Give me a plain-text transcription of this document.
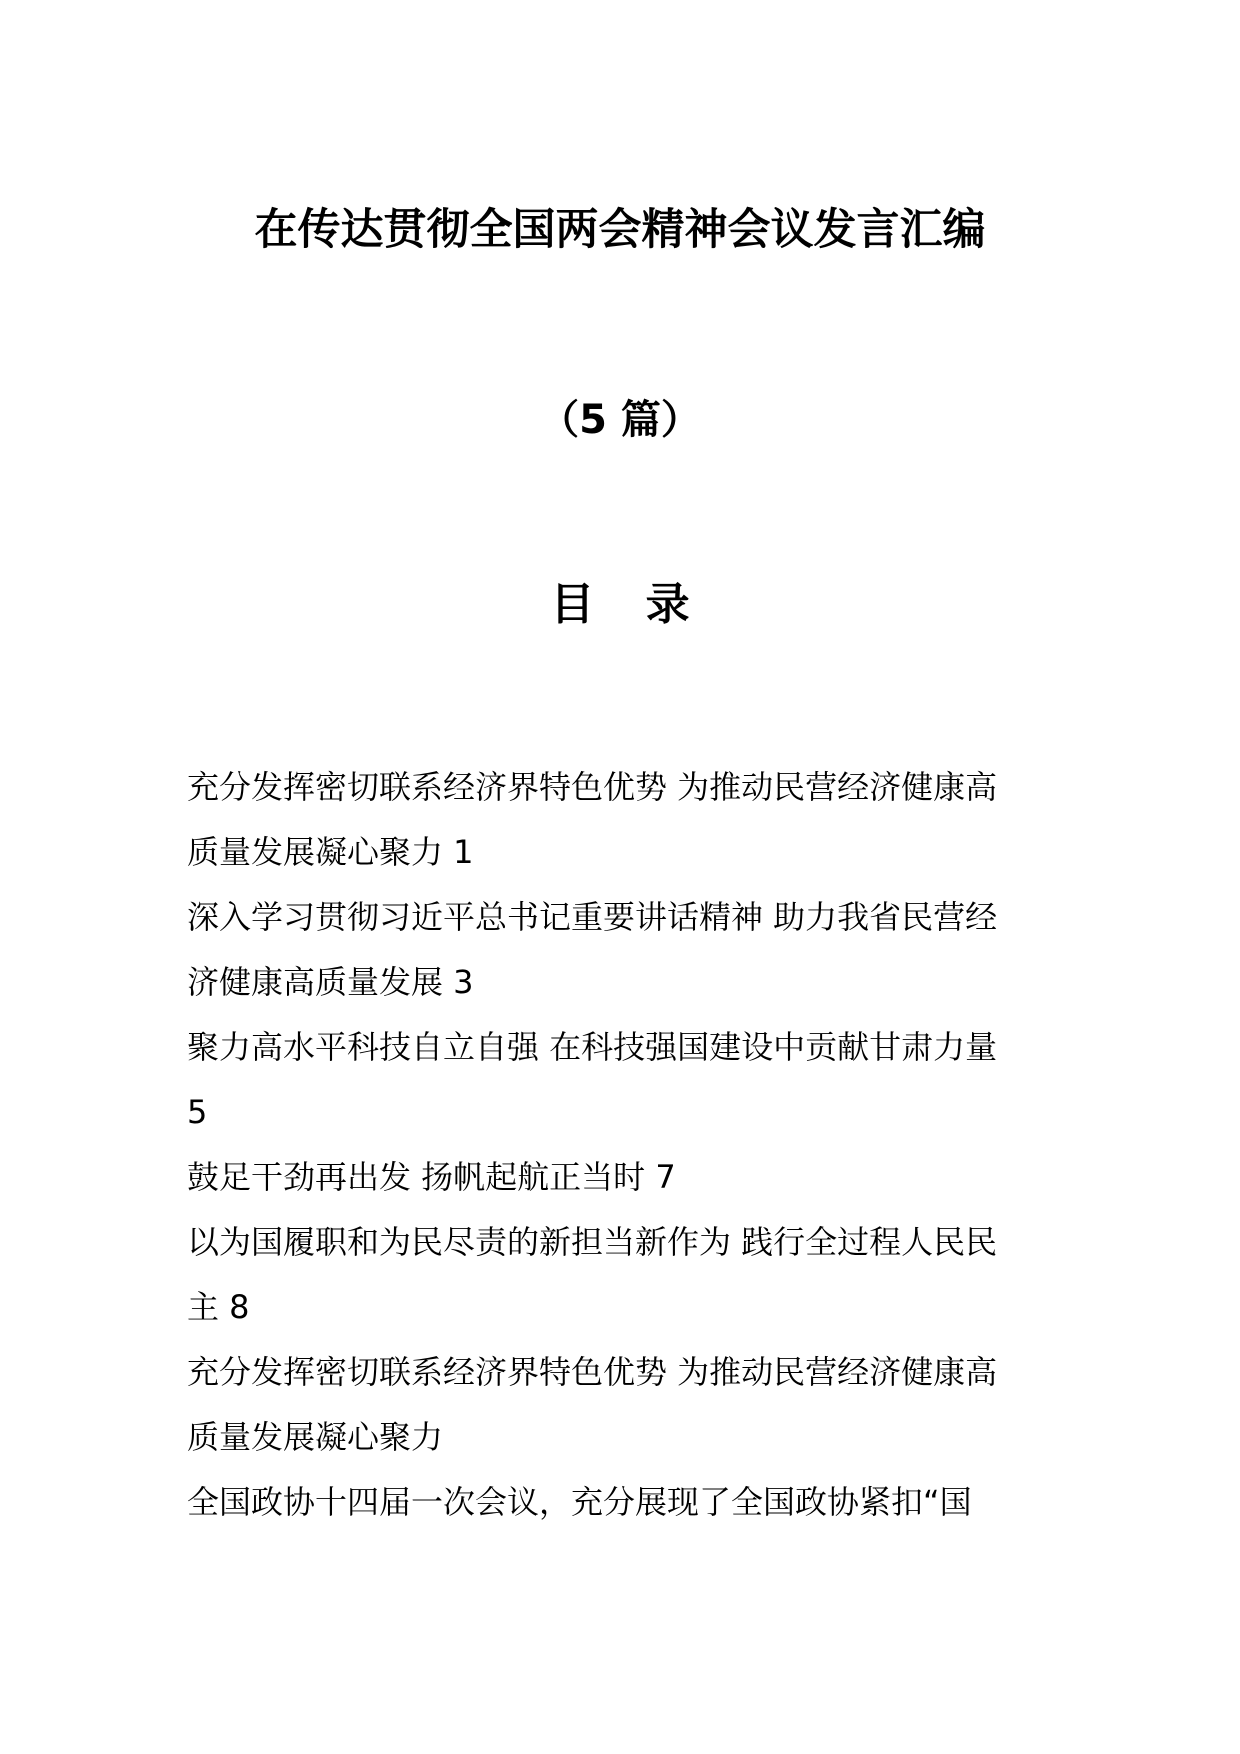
在传达贯彻全国两会精神会议发言汇编
（5 篇）
目 录
充分发挥密切联系经济界特色优势 为推动民营经济健康高
质量发展凝心聚力 1
深入学习贯彻习近平总书记重要讲话精神 助力我省民营经
济健康高质量发展 3
聚力高水平科技自立自强 在科技强国建设中贡献甘肃力量
5
鼓足干劲再出发 扬帆起航正当时 7
以为国履职和为民尽责的新担当新作为 践行全过程人民民
主 8
充分发挥密切联系经济界特色优势 为推动民营经济健康高
质量发展凝心聚力
全国政协十四届一次会议，充分展现了全国政协紧扣“国
